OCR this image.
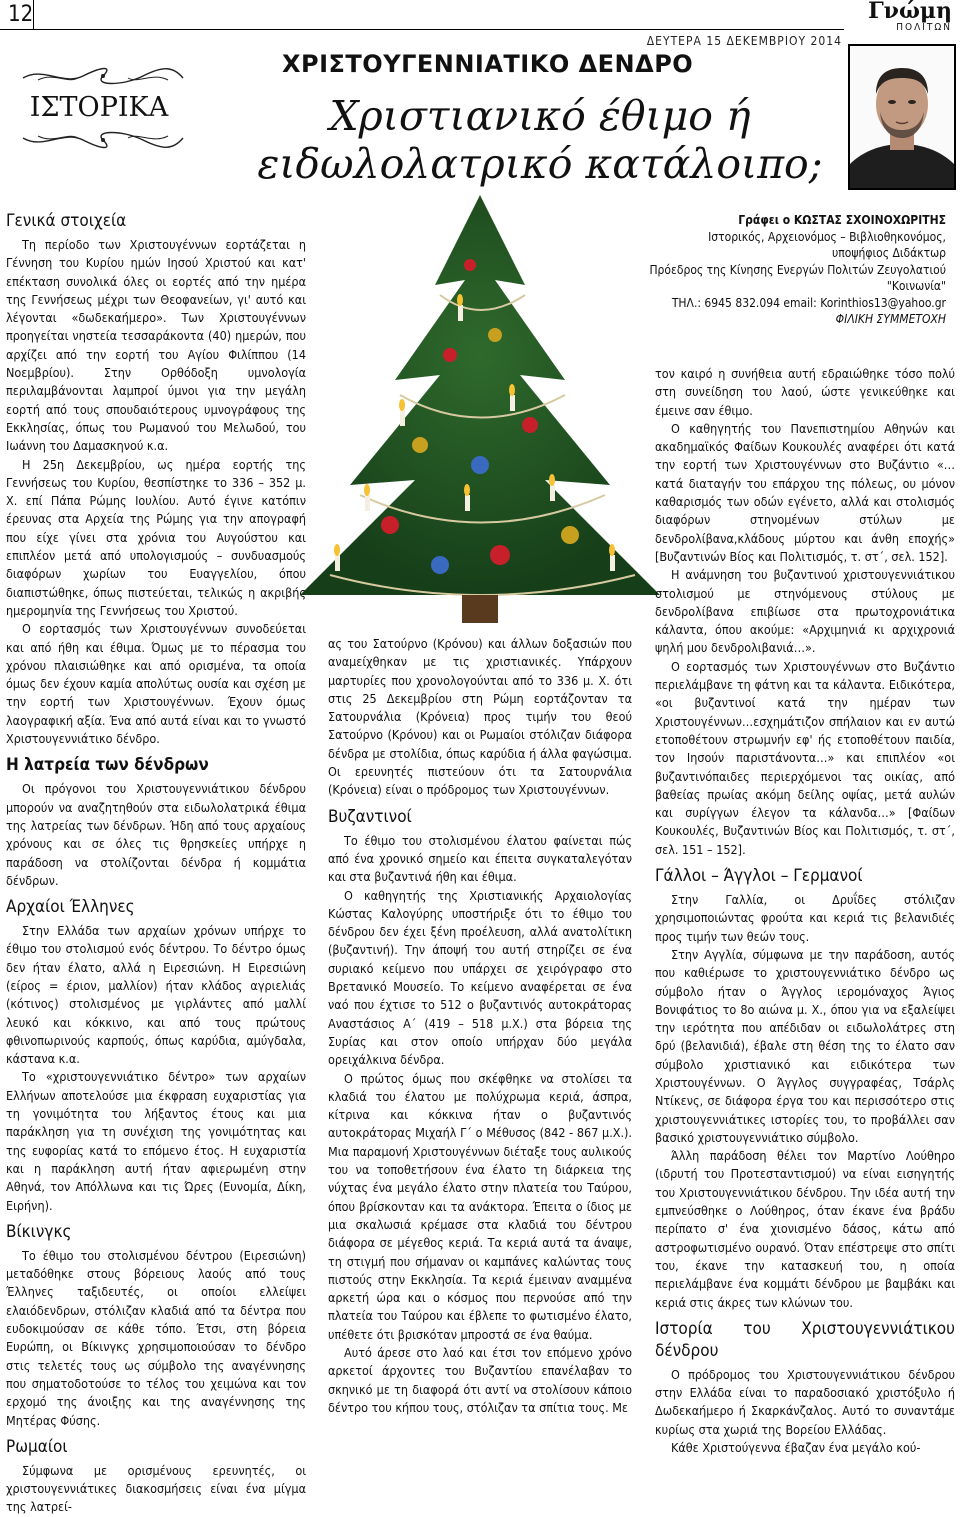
12
ΔΕΥΤΕΡΑ 15 ΔΕΚΕΜΒΡΙΟΥ 2014
Γνώμη
ΠΟΛΙΤΩΝ
ΙΣΤΟΡΙΚΑ
ΧΡΙΣΤΟΥΓΕΝΝΙΑΤΙΚΟ ΔΕΝΔΡΟ
Χριστιανικό έθιμο ή
ειδωλολατρικό κατάλοιπο;
Γράφει ο ΚΩΣΤΑΣ ΣΧΟΙΝΟΧΩΡΙΤΗΣ
Ιστορικός, Αρχειονόμος – Βιβλιοθηκονόμος,
υποψήφιος Διδάκτωρ
Πρόεδρος της Κίνησης Ενεργών Πολιτών Ζευγολατιού
"Κοινωνία"
ΤΗΛ.: 6945 832.094 email: Korinthios13@yahoo.gr
ΦΙΛΙΚΗ ΣΥΜΜΕΤΟΧΗ
Γενικά στοιχεία

Τη περίοδο των Χριστουγέννων εορτάζεται η Γέννηση του Κυρίου ημών Ιησού Χριστού και κατ' επέκταση συνολικά όλες οι εορτές από την ημέρα της Γεννήσεως μέχρι των Θεοφανείων, γι' αυτό και λέγονται «δωδεκαήμερο». Των Χριστουγέννων προηγείται νηστεία τεσσαράκοντα (40) ημερών, που αρχίζει από την εορτή του Αγίου Φιλίππου (14 Νοεμβρίου). Στην Ορθόδοξη υμνολογία περιλαμβάνονται λαμπροί ύμνοι για την μεγάλη εορτή από τους σπουδαιότερους υμνογράφους της Εκκλησίας, όπως του Ρωμανού του Μελωδού, του Ιωάννη του Δαμασκηνού κ.α.

Η 25η Δεκεμβρίου, ως ημέρα εορτής της Γεννήσεως του Κυρίου, θεσπίστηκε το 336 – 352 μ. Χ. επί Πάπα Ρώμης Ιουλίου. Αυτό έγινε κατόπιν έρευνας στα Αρχεία της Ρώμης για την απογραφή που είχε γίνει στα χρόνια του Αυγούστου και επιπλέον μετά από υπολογισμούς – συνδυασμούς διαφόρων χωρίων του Ευαγγελίου, όπου διαπιστώθηκε, όπως πιστεύεται, τελικώς η ακριβής ημερομηνία της Γεννήσεως του Χριστού.

Ο εορτασμός των Χριστουγέννων συνοδεύεται και από ήθη και έθιμα. Όμως με το πέρασμα του χρόνου πλαισιώθηκε και από ορισμένα, τα οποία όμως δεν έχουν καμία απολύτως ουσία και σχέση με την εορτή των Χριστουγέννων. Έχουν όμως λαογραφική αξία. Ένα από αυτά είναι και το γνωστό Χριστουγεννιάτικο δένδρο.

Η λατρεία των δένδρων

Οι πρόγονοι του Χριστουγεννιάτικου δένδρου μπορούν να αναζητηθούν στα ειδωλολατρικά έθιμα της λατρείας των δένδρων. Ήδη από τους αρχαίους χρόνους και σε όλες τις θρησκείες υπήρχε η παράδοση να στολίζονται δένδρα ή κομμάτια δένδρων.

Αρχαίοι Έλληνες

Στην Ελλάδα των αρχαίων χρόνων υπήρχε το έθιμο του στολισμού ενός δέντρου. Το δέντρο όμως δεν ήταν έλατο, αλλά η Ειρεσιώνη. Η Ειρεσιώνη (είρος = έριον, μαλλίον) ήταν κλάδος αγριελιάς (κότινος) στολισμένος με γιρλάντες από μαλλί λευκό και κόκκινο, και από τους πρώτους φθινοπωρινούς καρπούς, όπως καρύδια, αμύγδαλα, κάστανα κ.α.

Το «χριστουγεννιάτικο δέντρο» των αρχαίων Ελλήνων αποτελούσε μια έκφραση ευχαριστίας για τη γονιμότητα του λήξαντος έτους και μια παράκληση για τη συνέχιση της γονιμότητας και της ευφορίας κατά το επόμενο έτος. Η ευχαριστία και η παράκληση αυτή ήταν αφιερωμένη στην Αθηνά, τον Απόλλωνα και τις Ώρες (Ευνομία, Δίκη, Ειρήνη).

Βίκινγκς

Το έθιμο του στολισμένου δέντρου (Ειρεσιώνη) μεταδόθηκε στους βόρειους λαούς από τους Έλληνες ταξιδευτές, οι οποίοι ελλείψει ελαιόδενδρων, στόλιζαν κλαδιά από τα δέντρα που ευδοκιμούσαν σε κάθε τόπο. Έτσι, στη βόρεια Ευρώπη, οι Βίκινγκς χρησιμοποιούσαν το δένδρο στις τελετές τους ως σύμβολο της αναγέννησης που σηματοδοτούσε το τέλος του χειμώνα και τον ερχομό της άνοιξης και της αναγέννησης της Μητέρας Φύσης.

Ρωμαίοι

Σύμφωνα με ορισμένους ερευνητές, οι χριστουγεννιάτικες διακοσμήσεις είναι ένα μίγμα της λατρεί-

ας του Σατούρνο (Κρόνου) και άλλων δοξασιών που αναμείχθηκαν με τις χριστιανικές. Υπάρχουν μαρτυρίες που χρονολογούνται από το 336 μ. Χ. ότι στις 25 Δεκεμβρίου στη Ρώμη εορτάζονταν τα Σατουρνάλια (Κρόνεια) προς τιμήν του θεού Σατούρνο (Κρόνου) και οι Ρωμαίοι στόλιζαν διάφορα δένδρα με στολίδια, όπως καρύδια ή άλλα φαγώσιμα. Οι ερευνητές πιστεύουν ότι τα Σατουρνάλια (Κρόνεια) είναι ο πρόδρομος των Χριστουγέννων.

Βυζαντινοί

Το έθιμο του στολισμένου έλατου φαίνεται πώς από ένα χρονικό σημείο και έπειτα συγκαταλεγόταν και στα βυζαντινά ήθη και έθιμα.

Ο καθηγητής της Χριστιανικής Αρχαιολογίας Κώστας Καλογύρης υποστήριξε ότι το έθιμο του δένδρου δεν έχει ξένη προέλευση, αλλά ανατολίτικη (βυζαντινή). Την άποψή του αυτή στηρίζει σε ένα συριακό κείμενο που υπάρχει σε χειρόγραφο στο Βρετανικό Μουσείο. Το κείμενο αναφέρεται σε ένα ναό που έχτισε το 512 ο βυζαντινός αυτοκράτορας Αναστάσιος Α΄ (419 – 518 μ.Χ.) στα βόρεια της Συρίας και στον οποίο υπήρχαν δύο μεγάλα ορειχάλκινα δένδρα.

Ο πρώτος όμως που σκέφθηκε να στολίσει τα κλαδιά του έλατου με πολύχρωμα κεριά, άσπρα, κίτρινα και κόκκινα ήταν ο βυζαντινός αυτοκράτορας Μιχαήλ Γ΄ ο Μέθυσος (842 - 867 μ.Χ.). Μια παραμονή Χριστουγέννων διέταξε τους αυλικούς του να τοποθετήσουν ένα έλατο τη διάρκεια της νύχτας ένα μεγάλο έλατο στην πλατεία του Ταύρου, όπου βρίσκονταν και τα ανάκτορα. Έπειτα ο ίδιος με μια σκαλωσιά κρέμασε στα κλαδιά του δέντρου διάφορα σε μέγεθος κεριά. Τα κεριά αυτά τα άναψε, τη στιγμή που σήμαναν οι καμπάνες καλώντας τους πιστούς στην Εκκλησία. Τα κεριά έμειναν αναμμένα αρκετή ώρα και ο κόσμος που περνούσε από την πλατεία του Ταύρου και έβλεπε το φωτισμένο έλατο, υπέθετε ότι βρισκόταν μπροστά σε ένα θαύμα.

Αυτό άρεσε στο λαό και έτσι τον επόμενο χρόνο αρκετοί άρχοντες του Βυζαντίου επανέλαβαν το σκηνικό με τη διαφορά ότι αντί να στολίσουν κάποιο δέντρο του κήπου τους, στόλιζαν τα σπίτια τους. Με

τον καιρό η συνήθεια αυτή εδραιώθηκε τόσο πολύ στη συνείδηση του λαού, ώστε γενικεύθηκε και έμεινε σαν έθιμο.

Ο καθηγητής του Πανεπιστημίου Αθηνών και ακαδημαϊκός Φαίδων Κουκουλές αναφέρει ότι κατά την εορτή των Χριστουγέννων στο Βυζάντιο «…κατά διαταγήν του επάρχου της πόλεως, ου μόνον καθαρισμός των οδών εγένετο, αλλά και στολισμός διαφόρων στηνομένων στύλων με δενδρολίβανα,κλάδους μύρτου και άνθη εποχής» [Βυζαντινών Βίος και Πολιτισμός, τ. στ΄, σελ. 152].

Η ανάμνηση του βυζαντινού χριστουγεννιάτικου στολισμού με στηνόμενους στύλους με δενδρολίβανα επιβίωσε στα πρωτοχρονιάτικα κάλαντα, όπου ακούμε: «Αρχιμηνιά κι αρχιχρονιά ψηλή μου δενδρολιβανιά…».

Ο εορτασμός των Χριστουγέννων στο Βυζάντιο περιελάμβανε τη φάτνη και τα κάλαντα. Ειδικότερα, «οι βυζαντινοί κατά την ημέραν των Χριστουγέννων…εσχημάτιζον σπήλαιον και εν αυτώ ετοποθέτουν στρωμνήν εφ' ής ετοποθέτουν παιδία, τον Ιησούν παριστάνοντα…» και επιπλέον «οι βυζαντινόπαιδες περιερχόμενοι τας οικίας, από βαθείας πρωίας ακόμη δείλης οψίας, μετά αυλών και συρίγγων έλεγον τα κάλανδα…» [Φαίδων Κουκουλές, Βυζαντινών Βίος και Πολιτισμός, τ. στ΄, σελ. 151 – 152].

Γάλλοι – Άγγλοι – Γερμανοί

Στην Γαλλία, οι Δρυΐδες στόλιζαν χρησιμοποιώντας φρούτα και κεριά τις βελανιδιές προς τιμήν των θεών τους.

Στην Αγγλία, σύμφωνα με την παράδοση, αυτός που καθιέρωσε το χριστουγεννιάτικο δένδρο ως σύμβολο ήταν ο Άγγλος ιερομόναχος Άγιος Βονιφάτιος το 8ο αιώνα μ. Χ., όπου για να εξαλείψει την ιερότητα που απέδιδαν οι ειδωλολάτρες στη δρύ (βελανιδιά), έβαλε στη θέση της το έλατο σαν σύμβολο χριστιανικό και ειδικότερα των Χριστουγέννων. Ο Άγγλος συγγραφέας, Τσάρλς Ντίκενς, σε διάφορα έργα του και περισσότερο στις χριστουγεννιάτικες ιστορίες του, το προβάλλει σαν βασικό χριστουγεννιάτικο σύμβολο.

Άλλη παράδοση θέλει τον Μαρτίνο Λούθηρο (ιδρυτή του Προτεσταντισμού) να είναι εισηγητής του Χριστουγεννιάτικου δένδρου. Την ιδέα αυτή την εμπνεύσθηκε ο Λούθηρος, όταν έκανε ένα βράδυ περίπατο σ' ένα χιονισμένο δάσος, κάτω από αστροφωτισμένο ουρανό. Όταν επέστρεψε στο σπίτι του, έκανε την κατασκευή του, η οποία περιελάμβανε ένα κομμάτι δένδρου με βαμβάκι και κεριά στις άκρες των κλώνων του.

Ιστορία του Χριστουγεννιάτικου δένδρου

Ο πρόδρομος του Χριστουγεννιάτικου δένδρου στην Ελλάδα είναι το παραδοσιακό χριστόξυλο ή Δωδεκαήμερο ή Σκαρκάνζαλος. Αυτό το συναντάμε κυρίως στα χωριά της Βορείου Ελλάδας.

Κάθε Χριστούγεννα έβαζαν ένα μεγάλο κού-
